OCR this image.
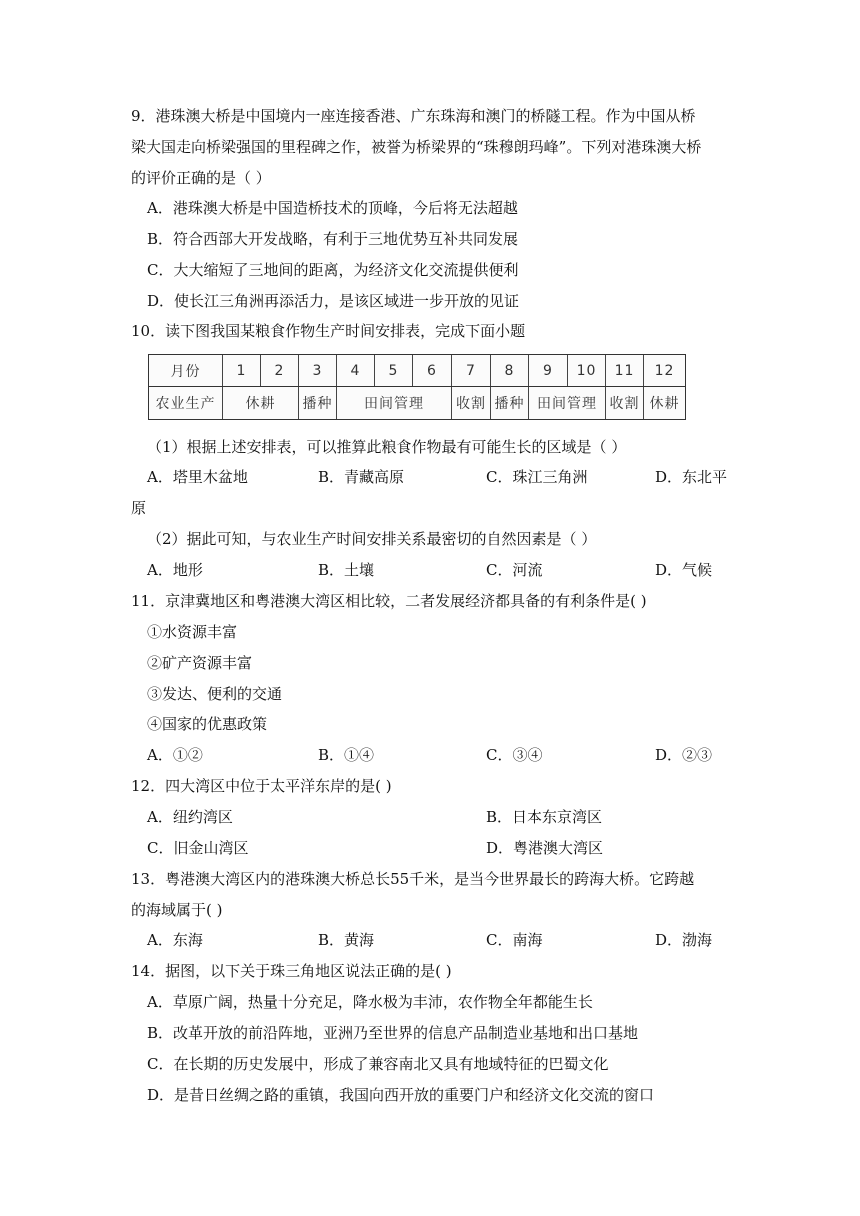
9．港珠澳大桥是中国境内一座连接香港、广东珠海和澳门的桥隧工程。作为中国从桥
梁大国走向桥梁强国的里程碑之作，被誉为桥梁界的“珠穆朗玛峰”。下列对港珠澳大桥
的评价正确的是（ ）
A．港珠澳大桥是中国造桥技术的顶峰，今后将无法超越
B．符合西部大开发战略，有利于三地优势互补共同发展
C．大大缩短了三地间的距离，为经济文化交流提供便利
D．使长江三角洲再添活力，是该区域进一步开放的见证
10．读下图我国某粮食作物生产时间安排表，完成下面小题
月份	1	2	3	4	5	6	7	8	9	10	11	12
农业生产	休耕	播种	田间管理	收割 播种 田间管理 收割 休耕
（1）根据上述安排表，可以推算此粮食作物最有可能生长的区域是（ ）
A．塔里木盆地	B．青藏高原	C．珠江三角洲	D．东北平
原
（2）据此可知，与农业生产时间安排关系最密切的自然因素是（ ）
A．地形	B．土壤	C．河流	D．气候
11．京津冀地区和粤港澳大湾区相比较，二者发展经济都具备的有利条件是( )
①水资源丰富
②矿产资源丰富
③发达、便利的交通
④国家的优惠政策
A．①②	B．①④	C．③④	D．②③
12．四大湾区中位于太平洋东岸的是( )
A．纽约湾区	B．日本东京湾区
C．旧金山湾区	D．粤港澳大湾区
13．粤港澳大湾区内的港珠澳大桥总长55千米，是当今世界最长的跨海大桥。它跨越
的海域属于( )
A．东海	B．黄海	C．南海	D．渤海
14．据图，以下关于珠三角地区说法正确的是( )
A．草原广阔，热量十分充足，降水极为丰沛，农作物全年都能生长
B．改革开放的前沿阵地，亚洲乃至世界的信息产品制造业基地和出口基地
C．在长期的历史发展中，形成了兼容南北又具有地域特征的巴蜀文化
D．是昔日丝绸之路的重镇，我国向西开放的重要门户和经济文化交流的窗口
